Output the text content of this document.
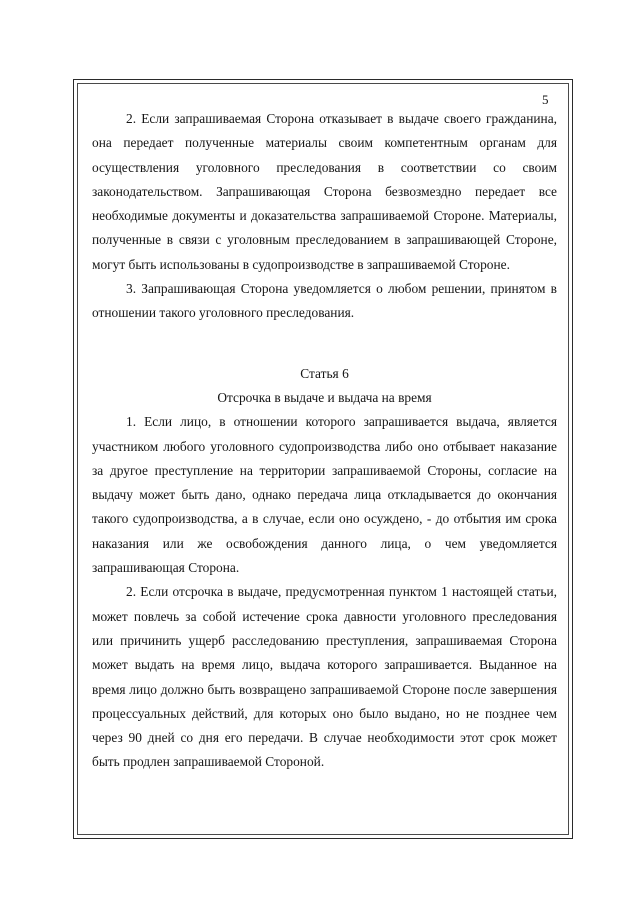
5

2. Если запрашиваемая Сторона отказывает в выдаче своего гражданина, она передает полученные материалы своим компетентным органам для осуществления уголовного преследования в соответствии со своим законодательством. Запрашивающая Сторона безвозмездно передает все необходимые документы и доказательства запрашиваемой Стороне. Материалы, полученные в связи с уголовным преследованием в запрашивающей Стороне, могут быть использованы в судопроизводстве в запрашиваемой Стороне.

3. Запрашивающая Сторона уведомляется о любом решении, принятом в отношении такого уголовного преследования.

Статья 6

Отсрочка в выдаче и выдача на время

1. Если лицо, в отношении которого запрашивается выдача, является участником любого уголовного судопроизводства либо оно отбывает наказание за другое преступление на территории запрашиваемой Стороны, согласие на выдачу может быть дано, однако передача лица откладывается до окончания такого судопроизводства, а в случае, если оно осуждено, - до отбытия им срока наказания или же освобождения данного лица, о чем уведомляется запрашивающая Сторона.

2. Если отсрочка в выдаче, предусмотренная пунктом 1 настоящей статьи, может повлечь за собой истечение срока давности уголовного преследования или причинить ущерб расследованию преступления, запрашиваемая Сторона может выдать на время лицо, выдача которого запрашивается. Выданное на время лицо должно быть возвращено запрашиваемой Стороне после завершения процессуальных действий, для которых оно было выдано, но не позднее чем через 90 дней со дня его передачи. В случае необходимости этот срок может быть продлен запрашиваемой Стороной.
